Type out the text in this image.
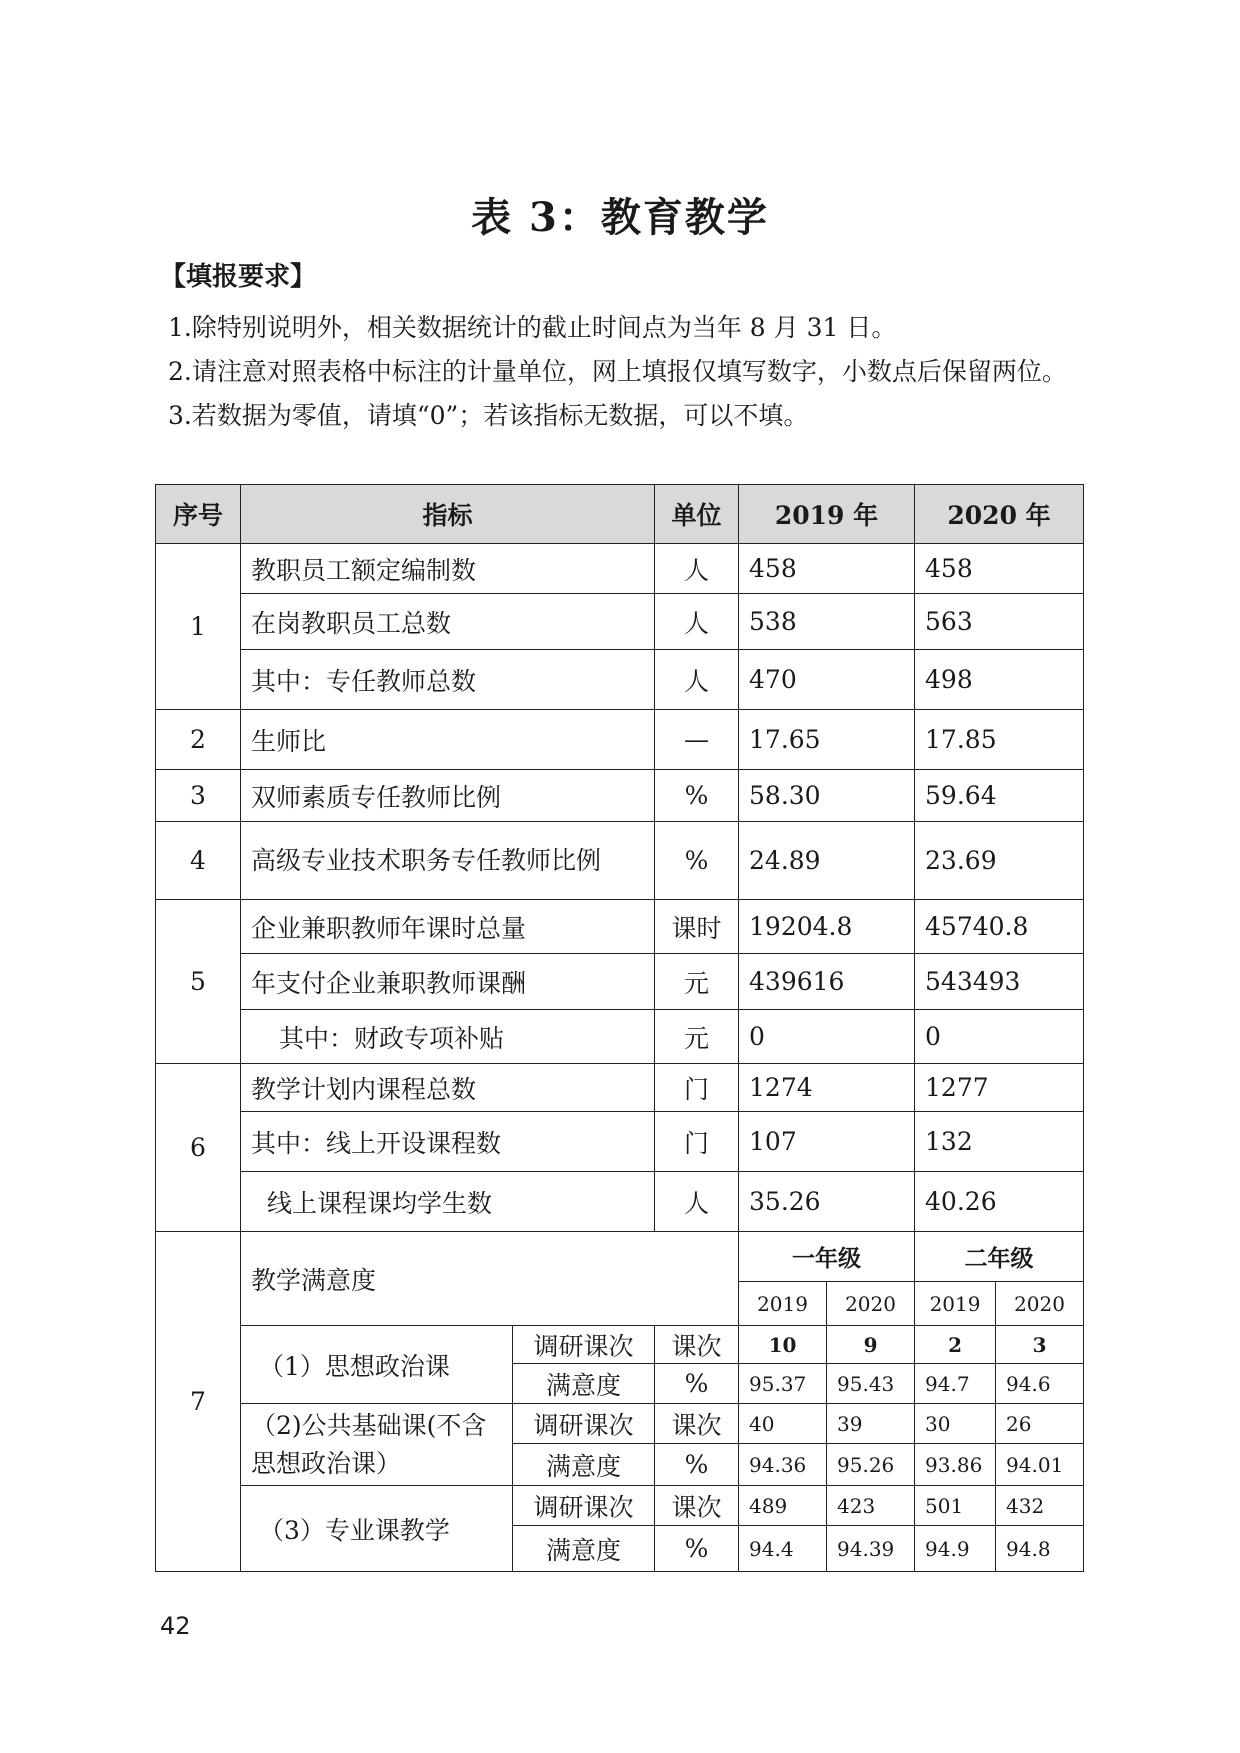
表 3：教育教学
【填报要求】

1.除特别说明外，相关数据统计的截止时间点为当年 8 月 31 日。

2.请注意对照表格中标注的计量单位，网上填报仅填写数字，小数点后保留两位。

3.若数据为零值，请填“0”；若该指标无数据，可以不填。

序号	指标		单位	2019 年		2020 年	
1	教职员工额定编制数		人	458		458	
	在岗教职员工总数		人	538		563	
	其中：专任教师总数		人	470		498	
2	生师比		—	17.65		17.85	
3	双师素质专任教师比例		%	58.30		59.64	
4	高级专业技术职务专任教师比例		%	24.89		23.69	
5	企业兼职教师年课时总量		课时	19204.8		45740.8	
	年支付企业兼职教师课酬		元	439616		543493	
	其中：财政专项补贴		元	0		0	
6	教学计划内课程总数		门	1274		1277	
	其中：线上开设课程数		门	107		132	
	线上课程课均学生数		人	35.26		40.26	
7	教学满意度			一年级		二年级	
				2019	2020	2019	2020
	（1）思想政治课	调研课次	课次	10	9	2	3
		满意度	%	95.37	95.43	94.7	94.6
	（2)公共基础课(不含思想政治课）	调研课次	课次	40	39	30	26
		满意度	%	94.36	95.26	93.86	94.01
	（3）专业课教学	调研课次	课次	489	423	501	432
		满意度	%	94.4	94.39	94.9	94.8
42
